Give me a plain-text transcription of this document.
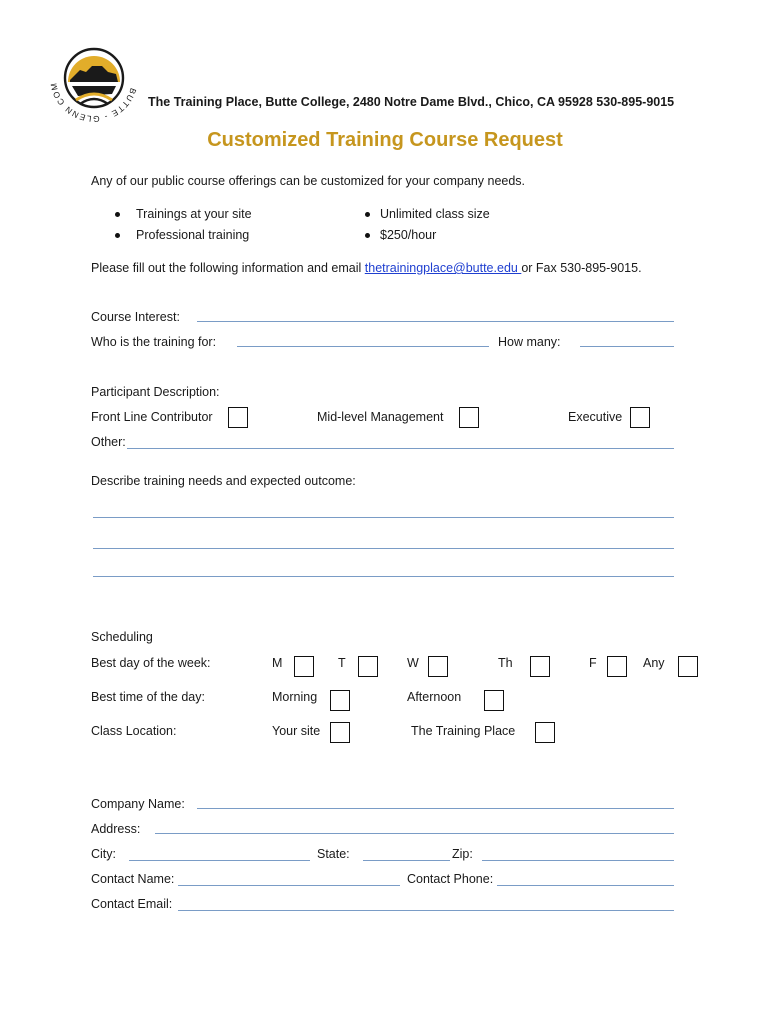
BUTTE - GLENN COM
The Training Place, Butte College, 2480 Notre Dame Blvd., Chico, CA 95928 530-895-9015
Customized Training Course Request
Any of our public course offerings can be customized for your company needs.
Trainings at your site
Professional training
Unlimited class size
$250/hour
Please fill out the following information and email thetrainingplace@butte.edu or Fax 530-895-9015.
Course Interest:
Who is the training for:	How many:
Participant Description:
Front Line Contributor	Mid-level Management	Executive
Other:
Describe training needs and expected outcome:
Scheduling
Best day of the week:	M	T	W	Th	F	Any
Best time of the day:	Morning	Afternoon
Class Location:	Your site	The Training Place
Company Name:
Address:
City:	State:	Zip:
Contact Name:	Contact Phone:
Contact Email:
